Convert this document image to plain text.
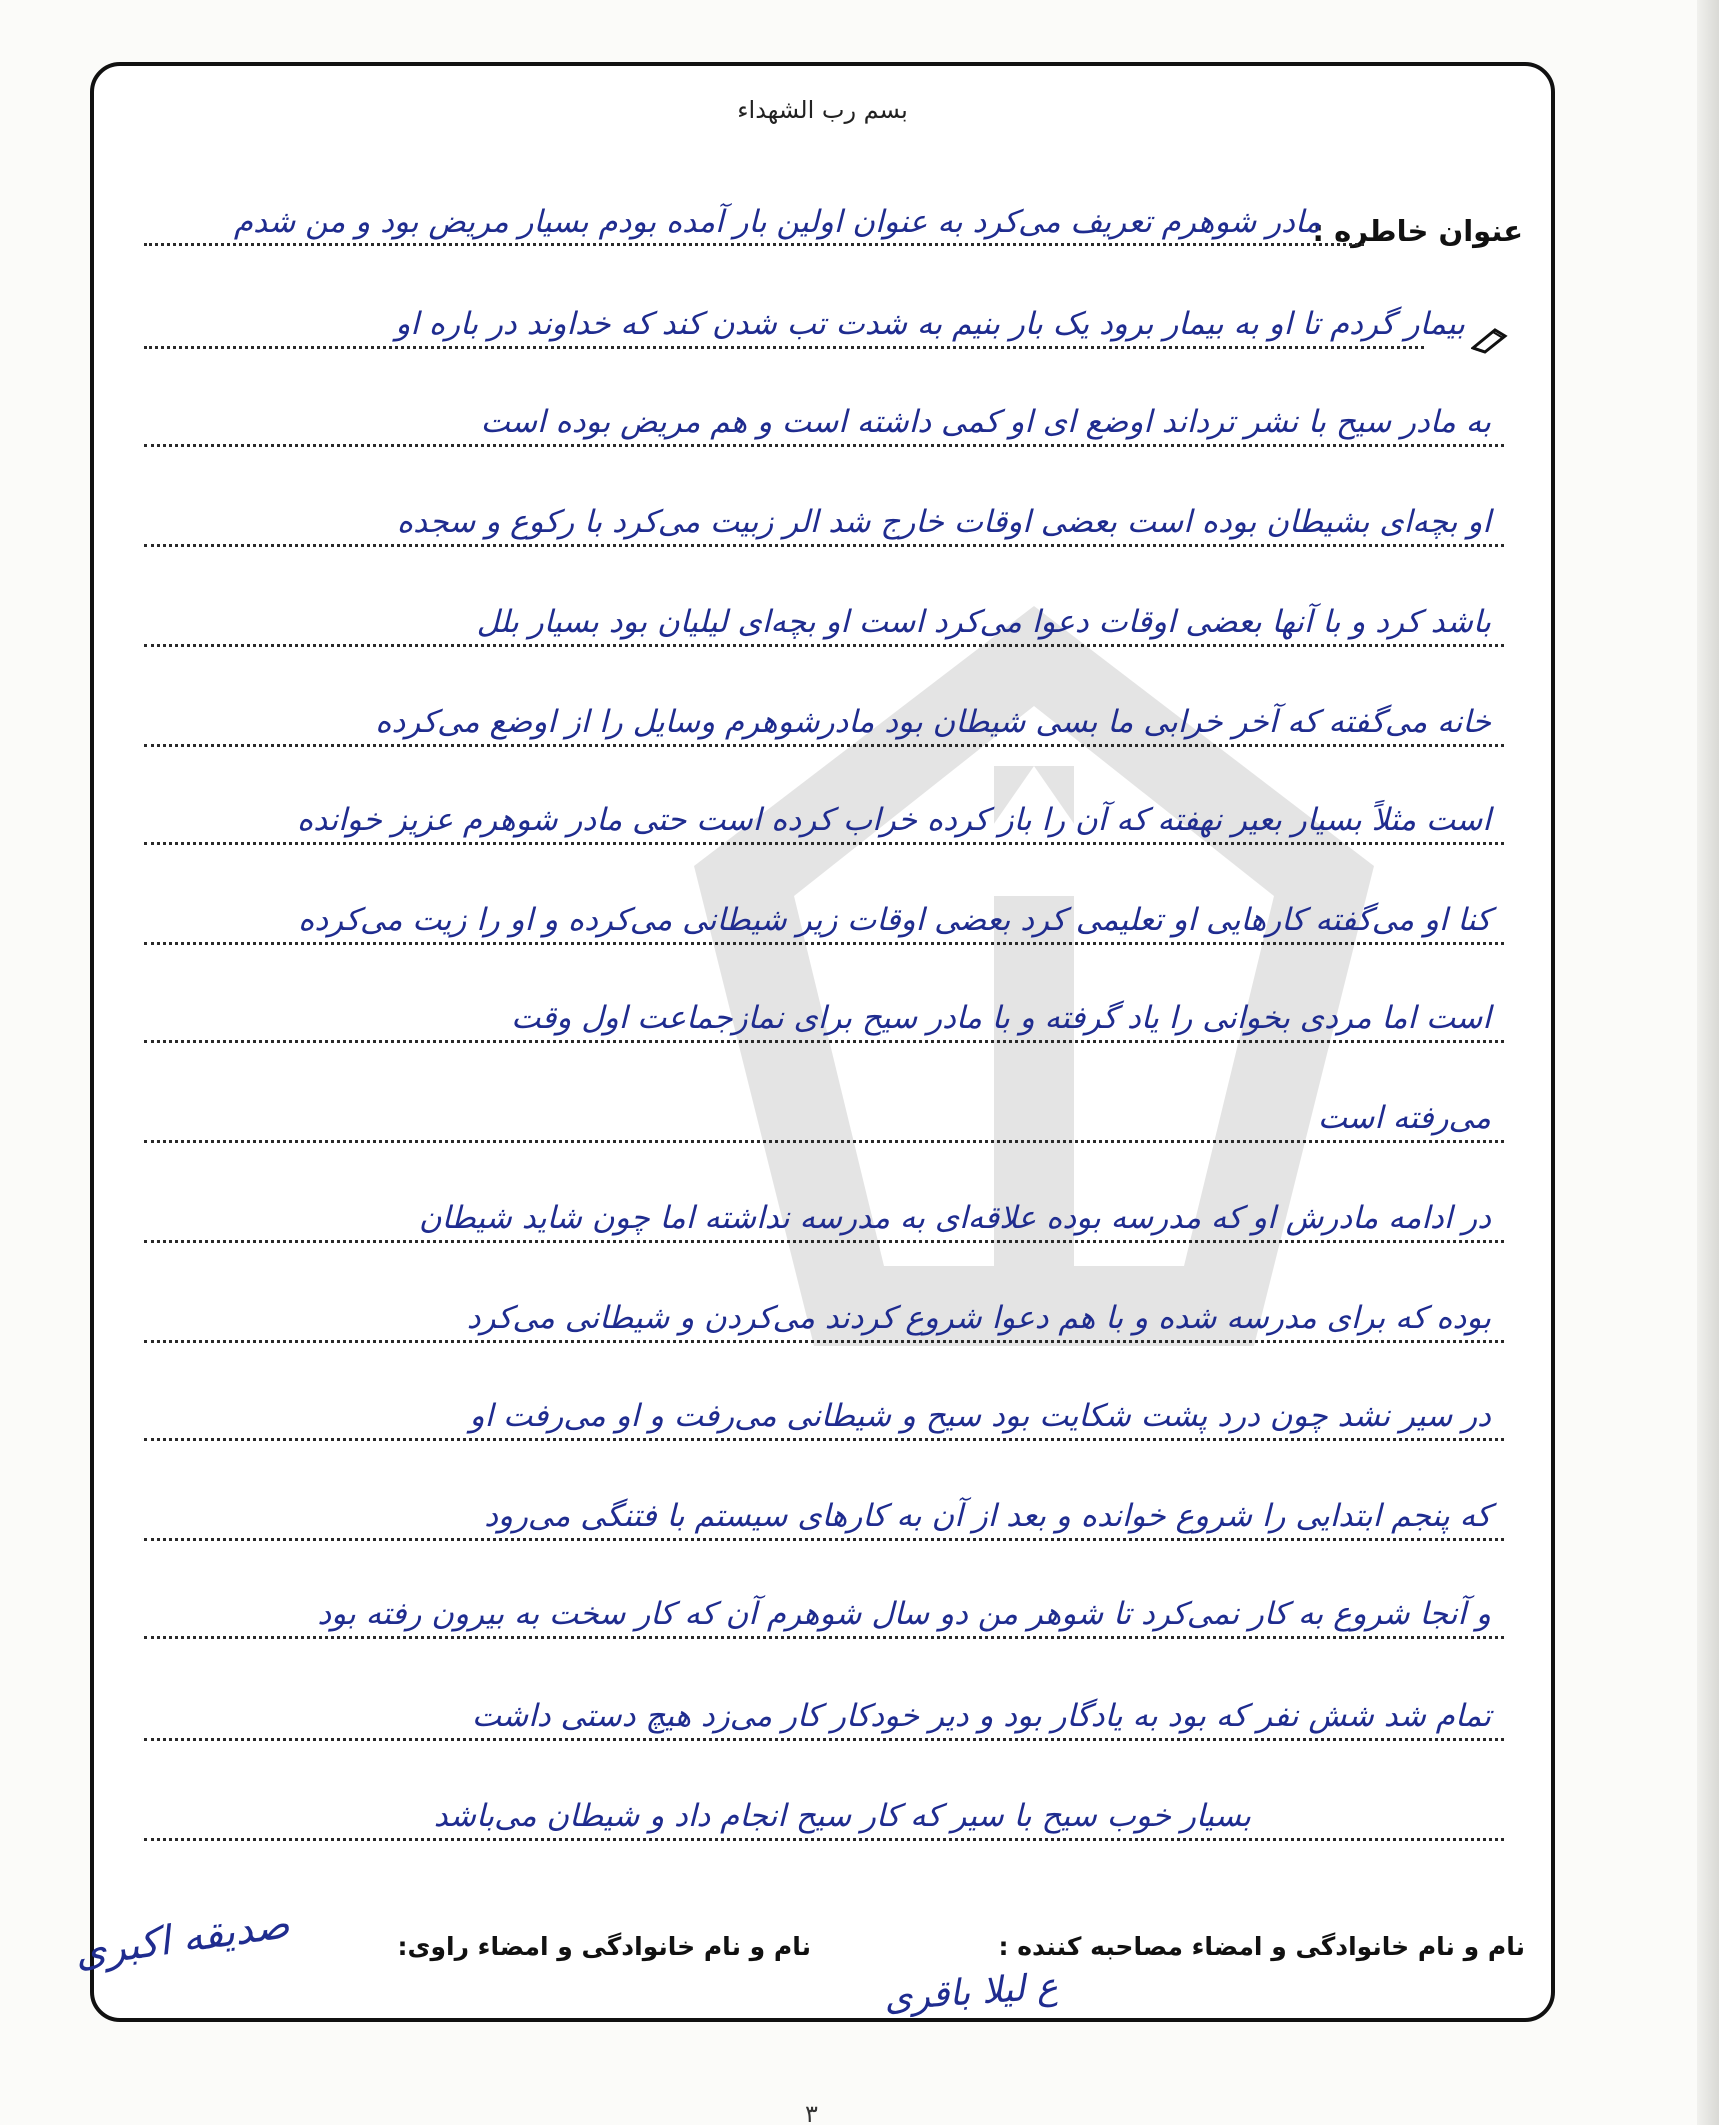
بسم رب الشهداء
عنوان خاطره :
مادر شوهرم تعریف می‌کرد به عنوان اولین بار آمده بودم بسیار مریض بود و من شدم
بیمار گردم تا او به بیمار برود یک بار بنیم به شدت تب شدن کند که خداوند در باره او
به مادر سیح با نشر ترداند اوضع ای او کمی داشته است و هم مریض بوده است
او بچه‌ای بشیطان بوده است بعضی اوقات خارج شد الر زبیت می‌کرد با رکوع و سجده
باشد کرد و با آنها بعضی اوقات دعوا می‌کرد است او بچه‌ای لیلیان بود بسیار بلل
خانه می‌گفته که آخر خرابی ما بسی شیطان بود مادرشوهرم وسایل را از اوضع می‌کرده
است مثلاً بسیار بعیر نهفته که آن را باز کرده خراب کرده است حتی مادر شوهرم عزیز خوانده
کنا او می‌گفته کارهایی او تعلیمی کرد بعضی اوقات زیر شیطانی می‌کرده و او را زیت می‌کرده
است اما مردی بخوانی را یاد گرفته و با مادر سیح برای نمازجماعت اول وقت
می‌رفته است
در ادامه مادرش او که مدرسه بوده علاقه‌ای به مدرسه نداشته اما چون شاید شیطان
بوده که برای مدرسه شده و با هم دعوا شروع کردند می‌کردن و شیطانی می‌کرد
در سیر نشد چون درد پشت شکایت بود سیح و شیطانی می‌رفت و او می‌رفت او
که پنجم ابتدایی را شروع خوانده و بعد از آن به کارهای سیستم با فتنگی می‌رود
و آنجا شروع به کار نمی‌کرد تا شوهر من دو سال شوهرم آن که کار سخت به بیرون رفته بود
تمام شد شش نفر که بود به یادگار بود و دیر خودکار کار می‌زد هیچ دستی داشت
بسیار خوب سیح با سیر که کار سیح انجام داد و شیطان می‌باشد
نام و نام خانوادگی و امضاء مصاحبه کننده :
نام و نام خانوادگی و امضاء راوی:
صدیقه اکبری
ع لیلا باقری
۳
